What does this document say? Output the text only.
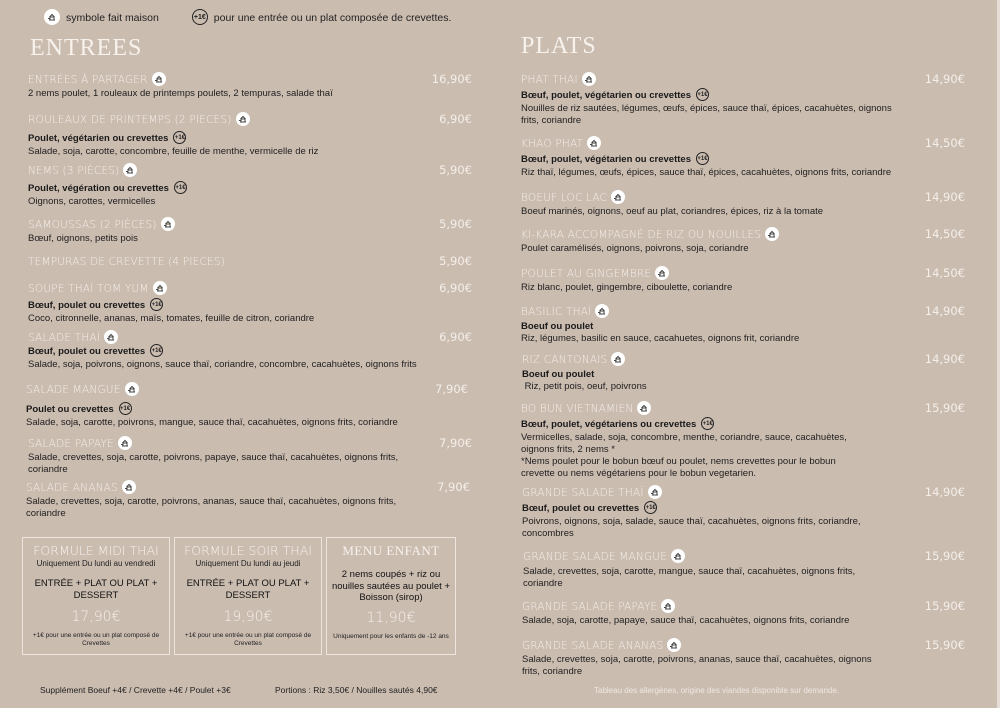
symbole fait maison	+1€ pour une entrée ou un plat composée de crevettes.
ENTREES
ENTRÉES À PARTAGER	16,90€
2 nems poulet, 1 rouleaux de printemps poulets, 2 tempuras, salade thaï
ROULEAUX DE PRINTEMPS (2 PIECES)	6,90€
Poulet, végétarien ou crevettes +1€
Salade, soja, carotte, concombre, feuille de menthe, vermicelle de riz
NEMS (3 PIÈCES)	5,90€
Poulet, végération ou crevettes +1€
Oignons, carottes, vermicelles
SAMOUSSAS (2 PIÈCES)	5,90€
Bœuf, oignons, petits pois
TEMPURAS DE CREVETTE (4 PIECES)	5,90€
SOUPE THAÏ TOM YUM	6,90€
Bœuf, poulet ou crevettes +1€
Coco, citronnelle, ananas, maïs, tomates, feuille de citron, coriandre
SALADE THAÏ	6,90€
Bœuf, poulet ou crevettes +1€
Salade, soja, poivrons, oignons, sauce thaï, coriandre, concombre, cacahuètes, oignons frits
SALADE MANGUE	7,90€
Poulet ou crevettes +1€
Salade, soja, carotte, poivrons, mangue, sauce thaï, cacahuètes, oignons frits, coriandre
SALADE PAPAYE	7,90€
Salade, crevettes, soja, carotte, poivrons, papaye, sauce thaï, cacahuètes, oignons frits, coriandre
SALADE ANANAS	7,90€
Salade, crevettes, soja, carotte, poivrons, ananas, sauce thaï, cacahuètes, oignons frits, coriandre
FORMULE MIDI THAI
Uniquement Du lundi au vendredi
ENTRÉE + PLAT OU PLAT + DESSERT
17,90€
+1€ pour une entrée ou un plat composé de Crevettes
FORMULE SOIR THAI
Uniquement Du lundi au jeudi
ENTRÉE + PLAT OU PLAT + DESSERT
19,90€
+1€ pour une entrée ou un plat composé de Crevettes
MENU ENFANT
2 nems coupés + riz ou nouilles sautées au poulet + Boisson (sirop)
11,90€
Uniquement pour les enfants de -12 ans
Supplément Boeuf +4€ / Crevette +4€ / Poulet +3€	Portions : Riz 3,50€ / Nouilles sautés 4,90€
PLATS
PHAT THAI	14,90€
Bœuf, poulet, végétarien ou crevettes +1€
Nouilles de riz sautées, légumes, œufs, épices, sauce thaï, épices, cacahuètes, oignons frits, coriandre
KHAO PHAT	14,50€
Bœuf, poulet, végétarien ou crevettes +1€
Riz thaï, légumes, œufs, épices, sauce thaï, épices, cacahuètes, oignons frits, coriandre
BOEUF LOC LAC	14,90€
Boeuf marinés, oignons, oeuf au plat, coriandres, épices, riz à la tomate
KI-KARA ACCOMPAGNÉ DE RIZ OU NOUILLES	14,50€
Poulet caramélisés, oignons, poivrons, soja, coriandre
POULET AU GINGEMBRE	14,50€
Riz blanc, poulet, gingembre, ciboulette, coriandre
BASILIC THAÏ	14,90€
Boeuf ou poulet
Riz, légumes, basilic en sauce, cacahuetes, oignons frit, coriandre
RIZ CANTONAIS	14,90€
Boeuf ou poulet
Riz, petit pois, oeuf, poivrons
BO BUN VIETNAMIEN	15,90€
Bœuf, poulet, végétariens ou crevettes +1€
Vermicelles, salade, soja, concombre, menthe, coriandre, sauce, cacahuètes, oignons frits, 2 nems *
*Nems poulet pour le bobun bœuf ou poulet, nems crevettes pour le bobun crevette ou nems végétariens pour le bobun vegetarien.
GRANDE SALADE THAÏ	14,90€
Bœuf, poulet ou crevettes +1€
Poivrons, oignons, soja, salade, sauce thaï, cacahuètes, oignons frits, coriandre, concombres
GRANDE SALADE MANGUE	15,90€
Salade, crevettes, soja, carotte, mangue, sauce thaï, cacahuètes, oignons frits, coriandre
GRANDE SALADE PAPAYE	15,90€
Salade, soja, carotte, papaye, sauce thaï, cacahuètes, oignons frits, coriandre
GRANDE SALADE ANANAS	15,90€
Salade, crevettes, soja, carotte, poivrons, ananas, sauce thaï, cacahuètes, oignons frits, coriandre
Tableau des allergènes, origine des viandes disponible sur demande.
